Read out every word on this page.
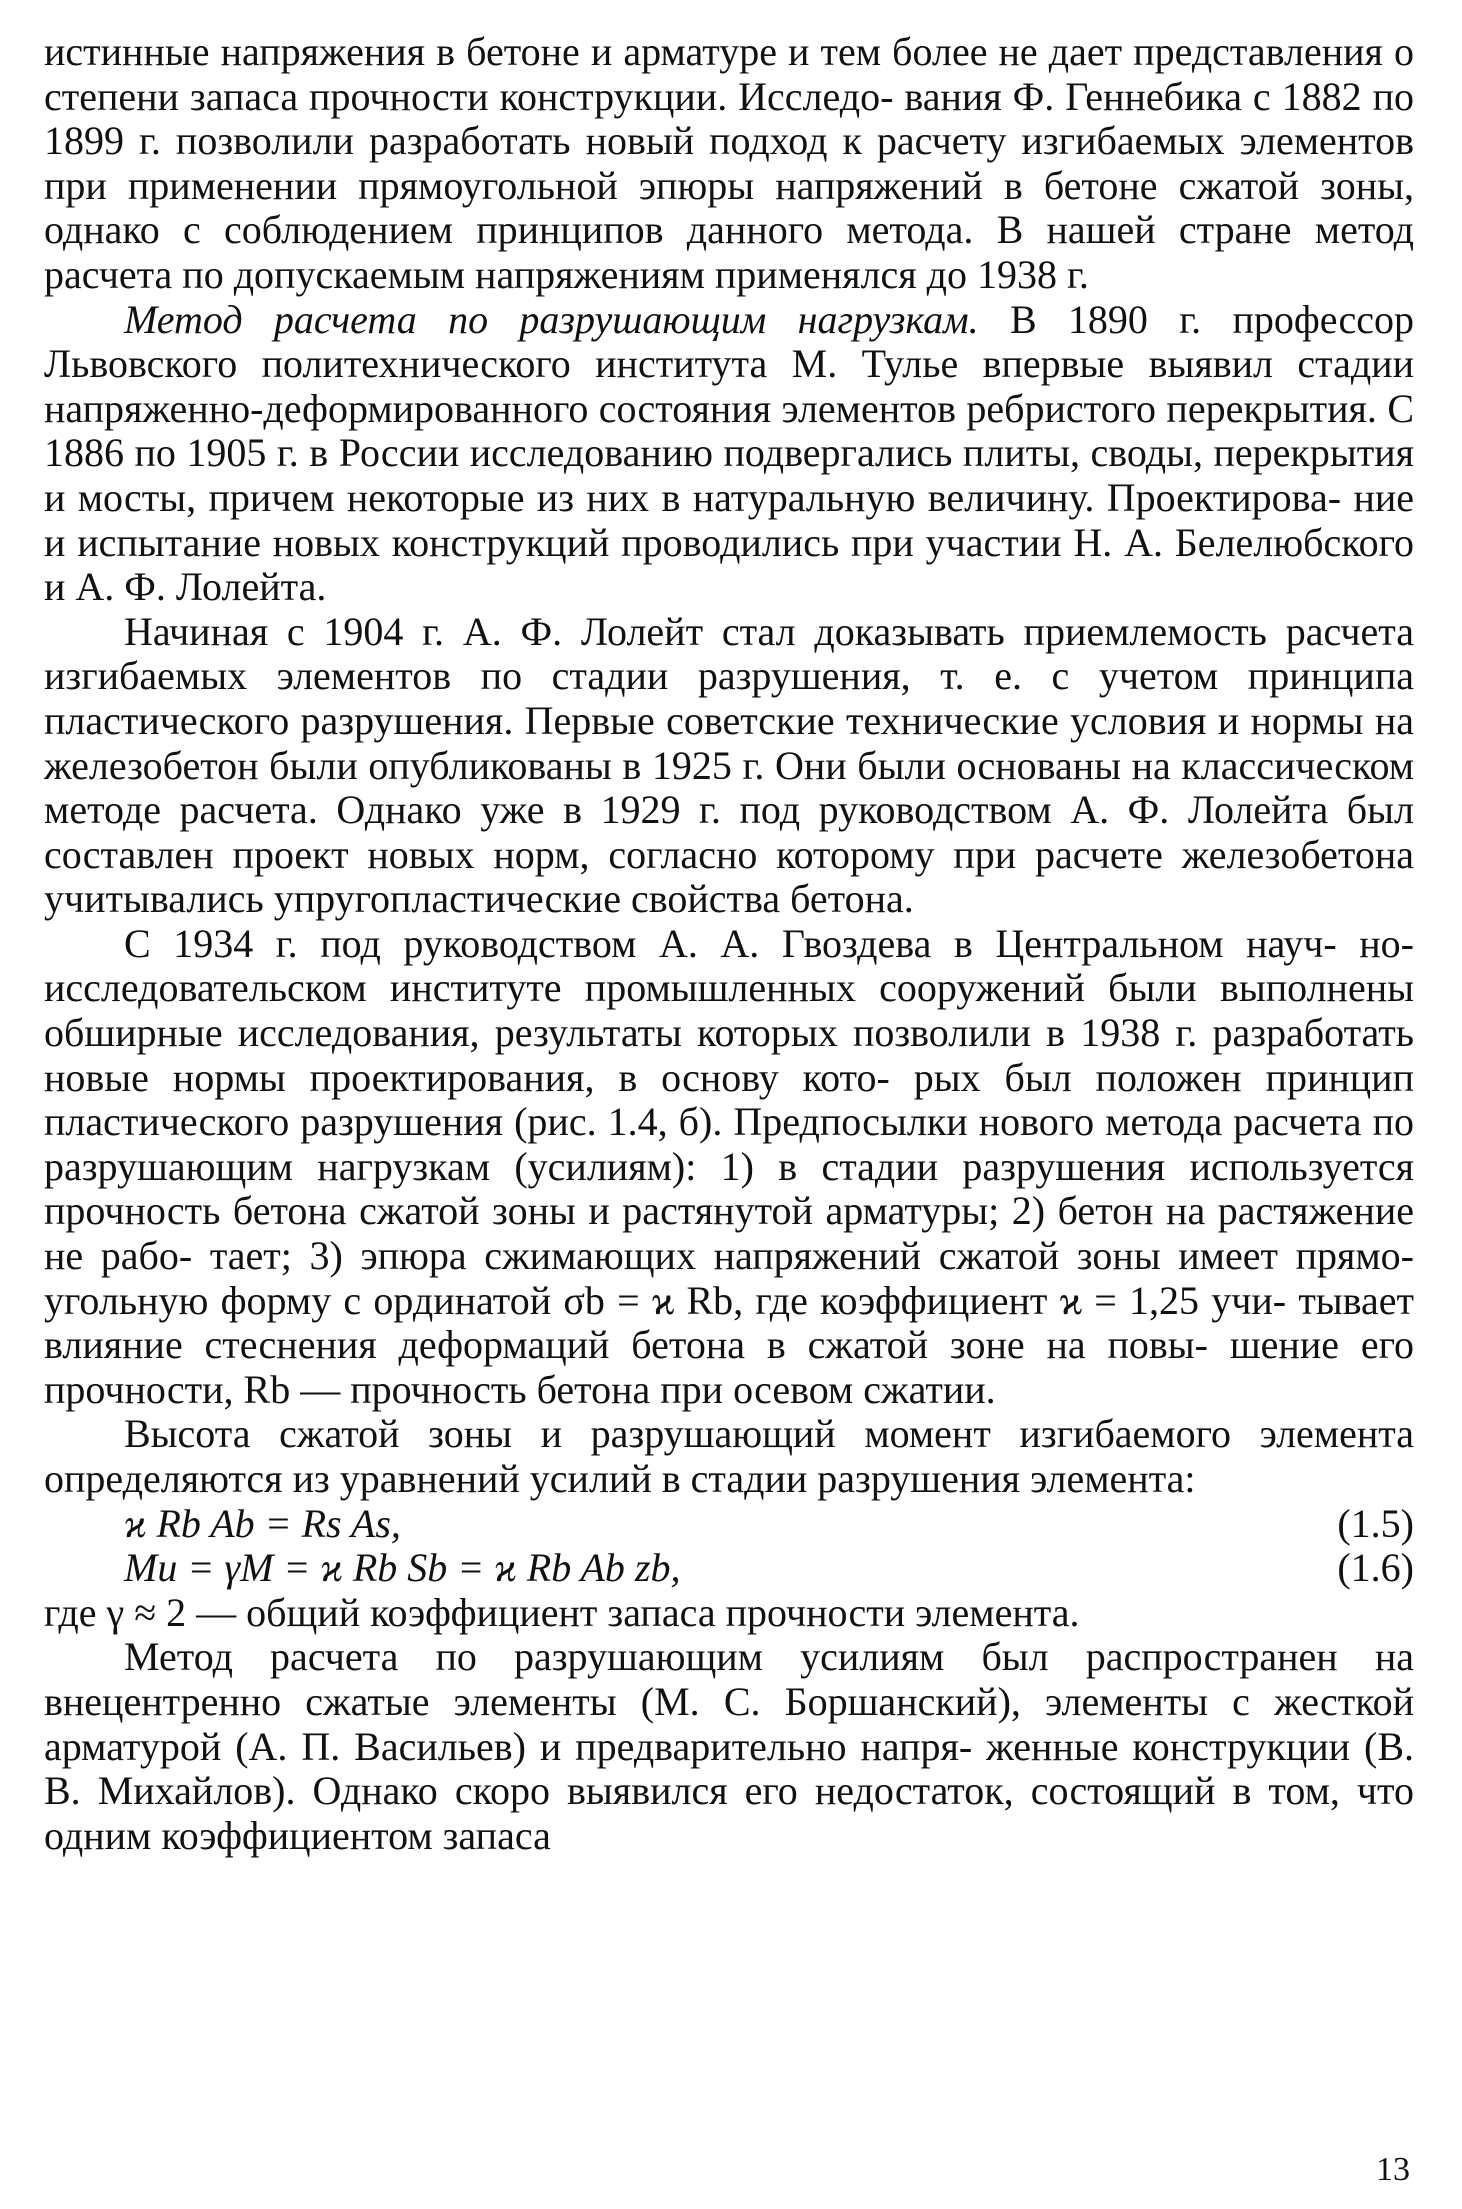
истинные напряжения в бетоне и арматуре и тем более не дает представления о степени запаса прочности конструкции. Исследо- вания Ф. Геннебика с 1882 по 1899 г. позволили разработать новый подход к расчету изгибаемых элементов при применении прямоугольной эпюры напряжений в бетоне сжатой зоны, однако с соблюдением принципов данного метода. В нашей стране метод расчета по допускаемым напряжениям применялся до 1938 г.

Метод расчета по разрушающим нагрузкам. В 1890 г. профессор Львовского политехнического института М. Тулье впервые выявил стадии напряженно-деформированного состояния элементов ребристого перекрытия. С 1886 по 1905 г. в России исследованию подвергались плиты, своды, перекрытия и мосты, причем некоторые из них в натуральную величину. Проектирова- ние и испытание новых конструкций проводились при участии Н. А. Белелюбского и А. Ф. Лолейта.

Начиная с 1904 г. А. Ф. Лолейт стал доказывать приемлемость расчета изгибаемых элементов по стадии разрушения, т. е. с учетом принципа пластического разрушения. Первые советские технические условия и нормы на железобетон были опубликованы в 1925 г. Они были основаны на классическом методе расчета. Однако уже в 1929 г. под руководством А. Ф. Лолейта был составлен проект новых норм, согласно которому при расчете железобетона учитывались упругопластические свойства бетона.

С 1934 г. под руководством А. А. Гвоздева в Центральном науч- но-исследовательском институте промышленных сооружений были выполнены обширные исследования, результаты которых позволили в 1938 г. разработать новые нормы проектирования, в основу кото- рых был положен принцип пластического разрушения (рис. 1.4, б). Предпосылки нового метода расчета по разрушающим нагрузкам (усилиям): 1) в стадии разрушения используется прочность бетона сжатой зоны и растянутой арматуры; 2) бетон на растяжение не рабо- тает; 3) эпюра сжимающих напряжений сжатой зоны имеет прямо- угольную форму с ординатой σb = ϰ Rb, где коэффициент ϰ = 1,25 учи- тывает влияние стеснения деформаций бетона в сжатой зоне на повы- шение его прочности, Rb — прочность бетона при осевом сжатии.

Высота сжатой зоны и разрушающий момент изгибаемого элемента определяются из уравнений усилий в стадии разрушения элемента:

ϰ Rb Ab = Rs As,	(1.5)
Mu = γM = ϰ Rb Sb = ϰ Rb Ab zb,	(1.6)

где γ ≈ 2 — общий коэффициент запаса прочности элемента.

Метод расчета по разрушающим усилиям был распространен на внецентренно сжатые элементы (М. С. Боршанский), элементы с жесткой арматурой (А. П. Васильев) и предварительно напря- женные конструкции (В. В. Михайлов). Однако скоро выявился его недостаток, состоящий в том, что одним коэффициентом запаса

13
